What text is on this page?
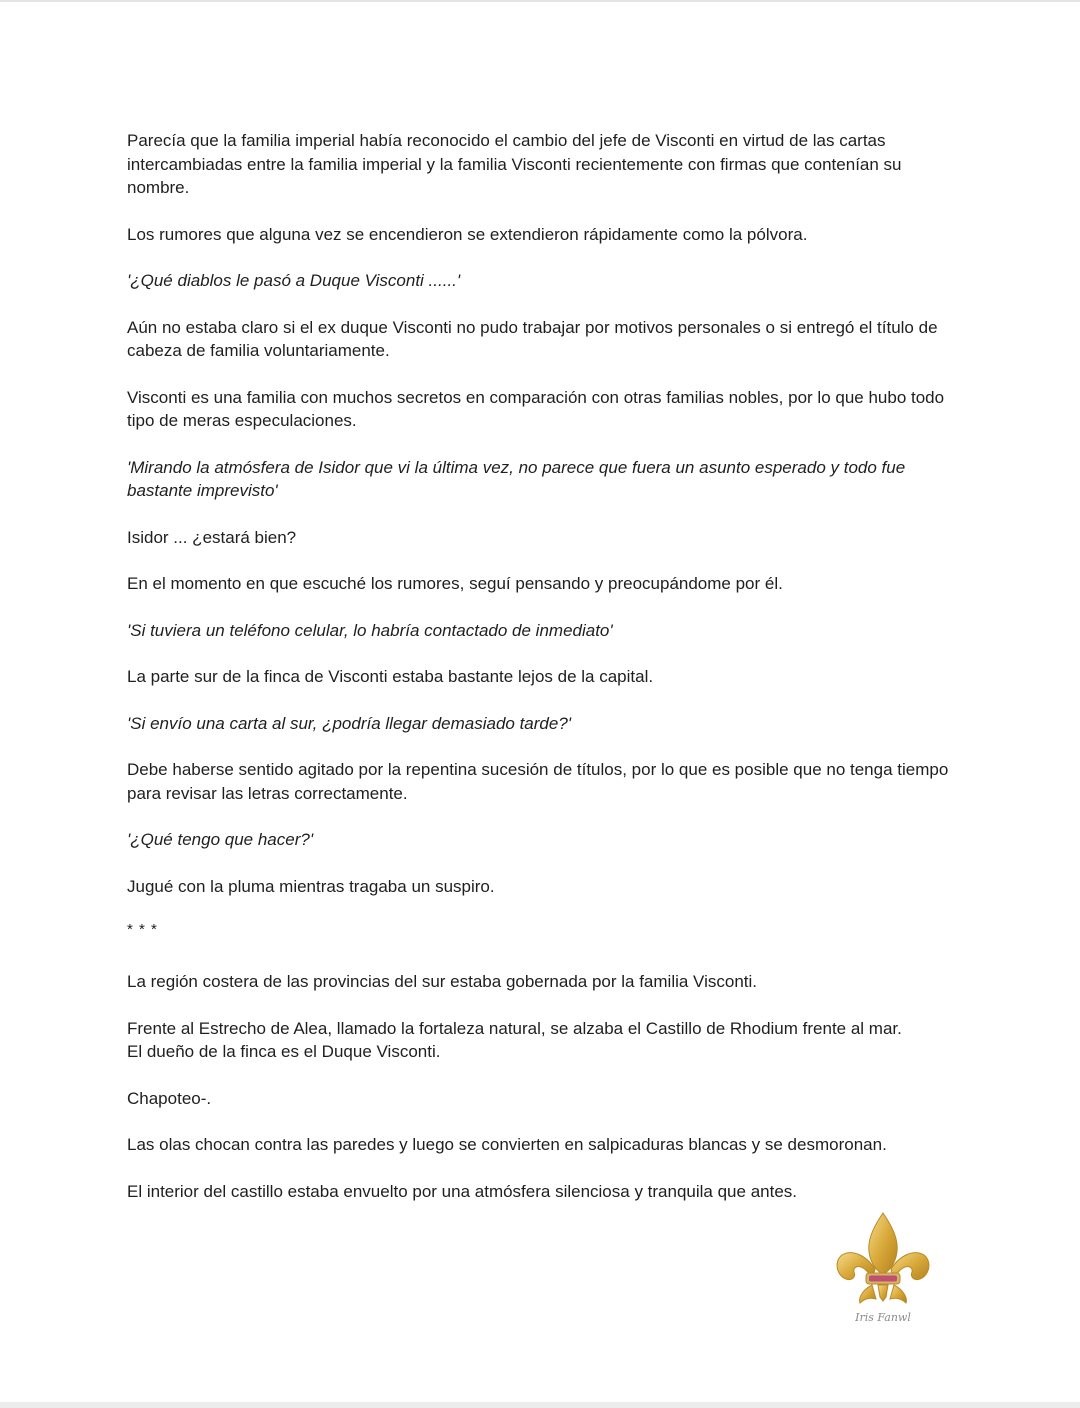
Parecía que la familia imperial había reconocido el cambio del jefe de Visconti en virtud de las cartas intercambiadas entre la familia imperial y la familia Visconti recientemente con firmas que contenían su nombre.

Los rumores que alguna vez se encendieron se extendieron rápidamente como la pólvora.

'¿Qué diablos le pasó a Duque Visconti ......'

Aún no estaba claro si el ex duque Visconti no pudo trabajar por motivos personales o si entregó el título de cabeza de familia voluntariamente.

Visconti es una familia con muchos secretos en comparación con otras familias nobles, por lo que hubo todo tipo de meras especulaciones.

'Mirando la atmósfera de Isidor que vi la última vez, no parece que fuera un asunto esperado y todo fue bastante imprevisto'

Isidor ... ¿estará bien?

En el momento en que escuché los rumores, seguí pensando y preocupándome por él.

'Si tuviera un teléfono celular, lo habría contactado de inmediato'

La parte sur de la finca de Visconti estaba bastante lejos de la capital.

'Si envío una carta al sur, ¿podría llegar demasiado tarde?'

Debe haberse sentido agitado por la repentina sucesión de títulos, por lo que es posible que no tenga tiempo para revisar las letras correctamente.

'¿Qué tengo que hacer?'

Jugué con la pluma mientras tragaba un suspiro.

* * *

La región costera de las provincias del sur estaba gobernada por la familia Visconti.

Frente al Estrecho de Alea, llamado la fortaleza natural, se alzaba el Castillo de Rhodium frente al mar.
El dueño de la finca es el Duque Visconti.

Chapoteo-.

Las olas chocan contra las paredes y luego se convierten en salpicaduras blancas y se desmoronan.

El interior del castillo estaba envuelto por una atmósfera silenciosa y tranquila que antes.

Iris Fanwl
